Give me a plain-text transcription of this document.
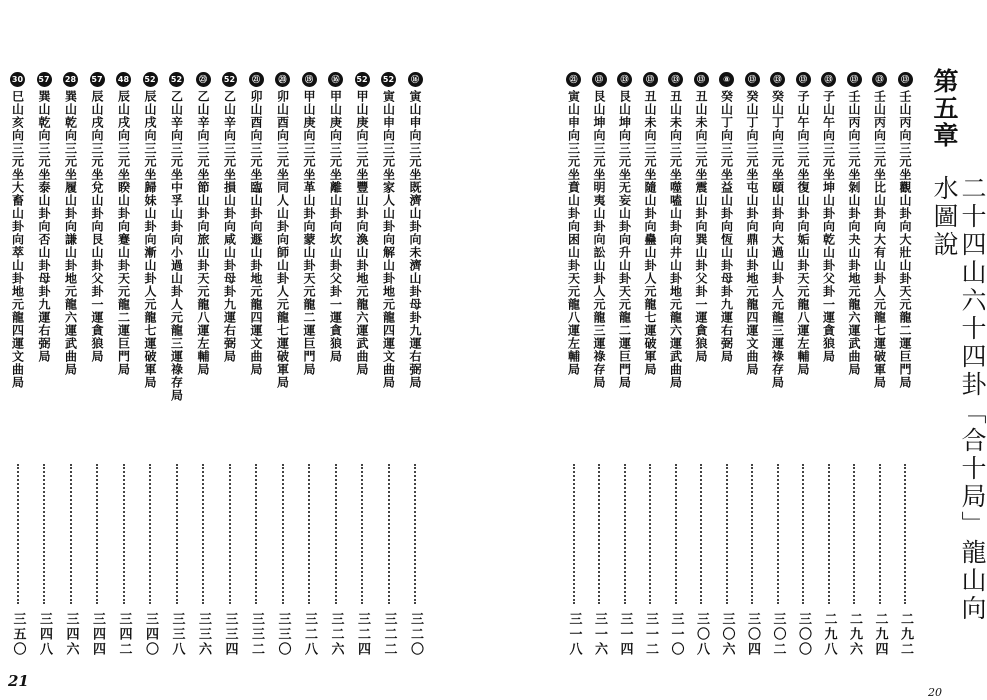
⑯
寅山申向三元坐既濟山卦向未濟山卦母卦九運右弼局
三二〇
52
寅山申向三元坐家人山卦向解山卦地元龍四運文曲局
三二二
52
甲山庚向三元坐豐山卦向渙山卦地元龍六運武曲局
三二四
⑯
甲山庚向三元坐離山卦向坎山卦父卦一運貪狼局
三二六
⑲
甲山庚向三元坐革山卦向蒙山卦天元龍二運巨門局
三二八
⑳
卯山酉向三元坐同人山卦向師山卦人元龍七運破軍局
三三〇
㉑
卯山酉向三元坐臨山卦向遯山卦地元龍四運文曲局
三三二
52
乙山辛向三元坐損山卦向咸山卦母卦九運右弼局
三三四
㉓
乙山辛向三元坐節山卦向旅山卦天元龍八運左輔局
三三六
52
乙山辛向三元坐中孚山卦向小過山卦人元龍三運祿存局
三三八
52
辰山戌向三元坐歸妹山卦向漸山卦人元龍七運破軍局
三四〇
48
辰山戌向三元坐睽山卦向蹇山卦天元龍二運巨門局
三四二
57
辰山戌向三元坐兌山卦向艮山卦父卦一運貪狼局
三四四
28
巽山乾向三元坐履山卦向謙山卦地元龍六運武曲局
三四六
57
巽山乾向三元坐泰山卦向否山卦母卦九運右弼局
三四八
30
巳山亥向三元坐大畜山卦向萃山卦地元龍四運文曲局
三五〇
⑬
壬山丙向三元坐觀山卦向大壯山卦天元龍二運巨門局
二九二
⑬
壬山丙向三元坐比山卦向大有山卦人元龍七運破軍局
二九四
⑬
壬山丙向三元坐剝山卦向夬山卦地元龍六運武曲局
二九六
⑬
子山午向三元坐坤山卦向乾山卦父卦一運貪狼局
二九八
⑬
子山午向三元坐復山卦向姤山卦天元龍八運左輔局
三〇〇
⑬
癸山丁向三元坐頤山卦向大過山卦人元龍三運祿存局
三〇二
⑬
癸山丁向三元坐屯山卦向鼎山卦地元龍四運文曲局
三〇四
⑧
癸山丁向三元坐益山卦向恆山卦母卦九運右弼局
三〇六
⑬
丑山未向三元坐震山卦向巽山卦父卦一運貪狼局
三〇八
⑬
丑山未向三元坐噬嗑山卦向井山卦地元龍六運武曲局
三一〇
⑬
丑山未向三元坐隨山卦向蠱山卦人元龍七運破軍局
三一二
⑬
艮山坤向三元坐无妄山卦向升山卦天元龍二運巨門局
三一四
⑬
艮山坤向三元坐明夷山卦向訟山卦人元龍三運祿存局
三一六
㉑
寅山申向三元坐賁山卦向困山卦天元龍八運左輔局
三一八
第五章
二十四山六十四卦「合十局」龍山向水圖說
21
20
